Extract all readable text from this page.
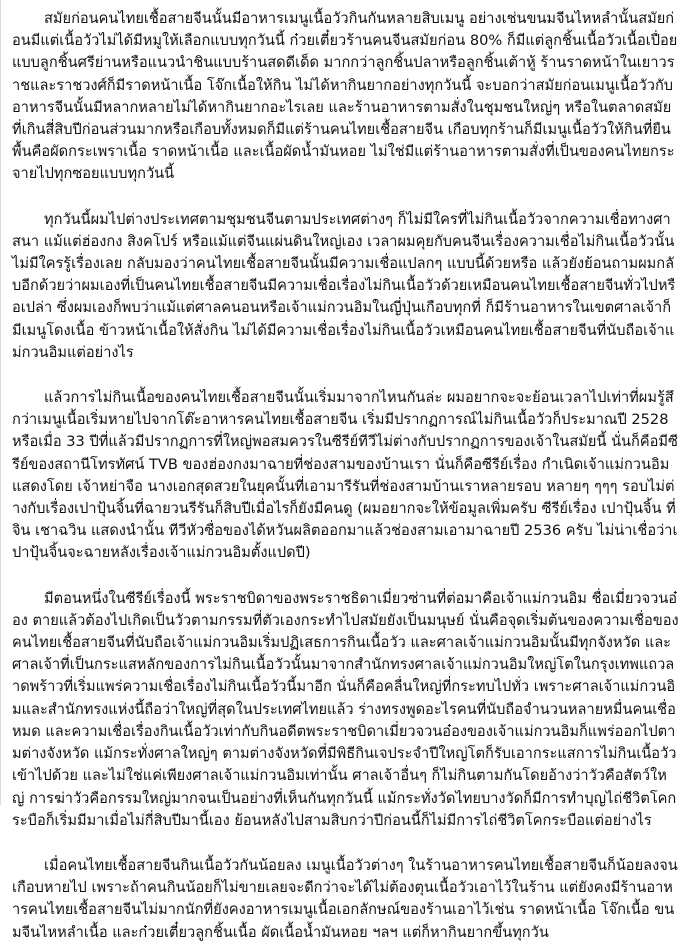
สมัยก่อนคนไทยเชื้อสายจีนนั้นมีอาหารเมนูเนื้อวัวกินกันหลายสิบเมนู อย่างเช่นขนมจีนไหหลำนั้นสมัยก่อนมีแต่เนื้อวัวไม่ได้มีหมูให้เลือกแบบทุกวันนี้ ก๋วยเตี๋ยวร้านคนจีนสมัยก่อน 80% ก็มีแต่ลูกชิ้นเนื้อวัวเนื้อเปื่อยแบบลูกชิ้นศรีย่านหรือแนวนำชินแบบร้านสดดีเด็ด มากกว่าลูกชิ้นปลาหรือลูกชิ้นเต้าหู้ ร้านราดหน้าในเยาวราชและราชวงศ์ก็มีราดหน้าเนื้อ โจ๊กเนื้อให้กิน ไม่ได้หากินยากอย่างทุกวันนี้ จะบอกว่าสมัยก่อนเมนูเนื้อวัวกับอาหารจีนนั้นมีหลากหลายไม่ได้หากินยากอะไรเลย และร้านอาหารตามสั่งในชุมชนใหญ่ๆ หรือในตลาดสมัยที่เกินสี่สิบปีก่อนส่วนมากหรือเกือบทั้งหมดก็มีแต่ร้านคนไทยเชื้อสายจีน เกือบทุกร้านก็มีเมนูเนื้อวัวให้กินที่ยืนพื้นคือผัดกระเพราเนื้อ ราดหน้าเนื้อ และเนื้อผัดน้ำมันหอย ไม่ใช่มีแต่ร้านอาหารตามสั่งที่เป็นของคนไทยกระจายไปทุกซอยแบบทุกวันนี้

ทุกวันนี้ผมไปต่างประเทศตามชุมชนจีนตามประเทศต่างๆ ก็ไม่มีใครที่ไม่กินเนื้อวัวจากความเชื่อทางศาสนา แม้แต่ฮ่องกง สิงคโปร์ หรือแม้แต่จีนแผ่นดินใหญ่เอง เวลาผมคุยกับคนจีนเรื่องความเชื่อไม่กินเนื้อวัวนั้นไม่มีใครรู้เรื่องเลย กลับมองว่าคนไทยเชื้อสายจีนนั้นมีความเชื่อแปลกๆ แบบนี้ด้วยหรือ แล้วยังย้อนถามผมกลับอีกด้วยว่าผมเองที่เป็นคนไทยเชื้อสายจีนมีความเชื่อเรื่องไม่กินเนื้อวัวด้วยเหมือนคนไทยเชื้อสายจีนทั่วไปหรือเปล่า ซึ่งผมเองก็พบว่าแม้แต่ศาลคนอนหรือเจ้าแม่กวนอิมในญี่ปุ่นเกือบทุกที่ ก็มีร้านอาหารในเขตศาลเจ้าก็มีเมนูโดงเนื้อ ข้าวหน้าเนื้อให้สั่งกิน ไม่ได้มีความเชื่อเรื่องไม่กินเนื้อวัวเหมือนคนไทยเชื้อสายจีนที่นับถือเจ้าแม่กวนอิมแต่อย่างไร

แล้วการไม่กินเนื้อของคนไทยเชื้อสายจีนนั้นเริ่มมาจากไหนกันล่ะ ผมอยากจะจะย้อนเวลาไปเท่าที่ผมรู้สึกว่าเมนูเนื้อเริ่มหายไปจากโต๊ะอาหารคนไทยเชื้อสายจีน เริ่มมีปรากฏการณ์ไม่กินเนื้อวัวก็ประมาณปี 2528 หรือเมื่อ 33 ปีที่แล้วมีปรากฏการที่ใหญ่พอสมควรในซีรีย์ทีวีไม่ต่างกับปรากฏการของเจ้าในสมัยนี้ นั่นก็คือมีซีรีย์ของสถานีโทรทัศน์ TVB ของฮ่องกงมาฉายที่ช่องสามของบ้านเรา นั่นก็คือซีรีย์เรื่อง กำเนิดเจ้าแม่กวนอิม แสดงโดย เจ้าหย่าจือ นางเอกสุดสวยในยุคนั้นที่เอามารีรันที่ช่องสามบ้านเราหลายรอบ หลายๆ ๆๆๆ รอบไม่ต่างกับเรื่องเปาปุ้นจิ้นที่ฉายวนรีรันก็สิบปีเมื่อไรก็ยังมีคนดู (ผมอยากจะให้ข้อมูลเพิ่มครับ ซีรีย์เรื่อง เปาปุ้นจิ้น ที่ จิน เชาฉวิน แสดงนำนั้น ทีวีหัวซื่อของได้หวันผลิตออกมาแล้วช่องสามเอามาฉายปี 2536 ครับ ไม่น่าเชื่อว่าเปาปุ้นจิ้นจะฉายหลังเรื่องเจ้าแม่กวนอิมตั้งแปดปี)

มีตอนหนึ่งในซีรีย์เรื่องนี้ พระราชบิดาของพระราชธิดาเมี่ยวซ่านที่ต่อมาคือเจ้าแม่กวนอิม ชื่อเมี่ยวจวนอ๋อง ตายแล้วต้องไปเกิดเป็นวัวตามกรรมที่ตัวเองกระทำไปสมัยยังเป็นมนุษย์ นั่นคือจุดเริ่มต้นของความเชื่อของคนไทยเชื้อสายจีนที่นับถือเจ้าแม่กวนอิมเริ่มปฏิเสธการกินเนื้อวัว และศาลเจ้าแม่กวนอิมนั้นมีทุกจังหวัด และศาลเจ้าที่เป็นกระแสหลักของการไม่กินเนื้อวัวนั้นมาจากสำนักทรงศาลเจ้าแม่กวนอิมใหญ่โตในกรุงเทพแถวลาดพร้าวที่เริ่มแพร่ความเชื่อเรื่องไม่กินเนื้อวัวนี้มาอีก นั่นก็คือคลื่นใหญ่ที่กระทบไปทั่ว เพราะศาลเจ้าแม่กวนอิมและสำนักทรงแห่งนี้ถือว่าใหญ่ที่สุดในประเทศไทยแล้ว ร่างทรงพูดอะไรคนที่นับถือจำนวนหลายหมื่นคนเชื่อหมด และความเชื่อเรื่องกินเนื้อวัวเท่ากับกินอดีตพระราชบิดาเมี่ยวจวนอ๋องของเจ้าแม่กวนอิมก็แพร่ออกไปตามต่างจังหวัด แม้กระทั่งศาลใหญ่ๆ ตามต่างจังหวัดที่มีพิธีกินเจประจำปีใหญ่โตก็รับเอากระแสการไม่กินเนื้อวัวเข้าไปด้วย และไม่ใช่แค่เพียงศาลเจ้าแม่กวนอิมเท่านั้น ศาลเจ้าอื่นๆ ก็ไม่กินตามกันโดยอ้างว่าวัวคือสัตว์ใหญ่ การฆ่าวัวคือกรรมใหญ่มากจนเป็นอย่างที่เห็นกันทุกวันนี้ แม้กระทั่งวัดไทยบางวัดก็มีการทำบุญไถ่ชีวิตโคกระบือก็เริ่มมีมาเมื่อไม่กี่สิบปีมานี้เอง ย้อนหลังไปสามสิบกว่าปีก่อนนี้ก็ไม่มีการไถ่ชีวิตโคกระบือแต่อย่างไร

เมื่อคนไทยเชื้อสายจีนกินเนื้อวัวกันน้อยลง เมนูเนื้อวัวต่างๆ ในร้านอาหารคนไทยเชื้อสายจีนก็น้อยลงจนเกือบหายไป เพราะถ้าคนกินน้อยก็ไม่ขายเลยจะดีกว่าจะได้ไม่ต้องตุนเนื้อวัวเอาไว้ในร้าน แต่ยังคงมีร้านอาหารคนไทยเชื้อสายจีนไม่มากนักที่ยังคงอาหารเมนูเนื้อเอกลักษณ์ของร้านเอาไว้เช่น ราดหน้าเนื้อ โจ๊กเนื้อ ขนมจีนไหหลำเนื้อ และก๋วยเตี๋ยวลูกชิ้นเนื้อ ผัดเนื้อน้ำมันหอย ฯลฯ แต่ก็หากินยากขึ้นทุกวัน
